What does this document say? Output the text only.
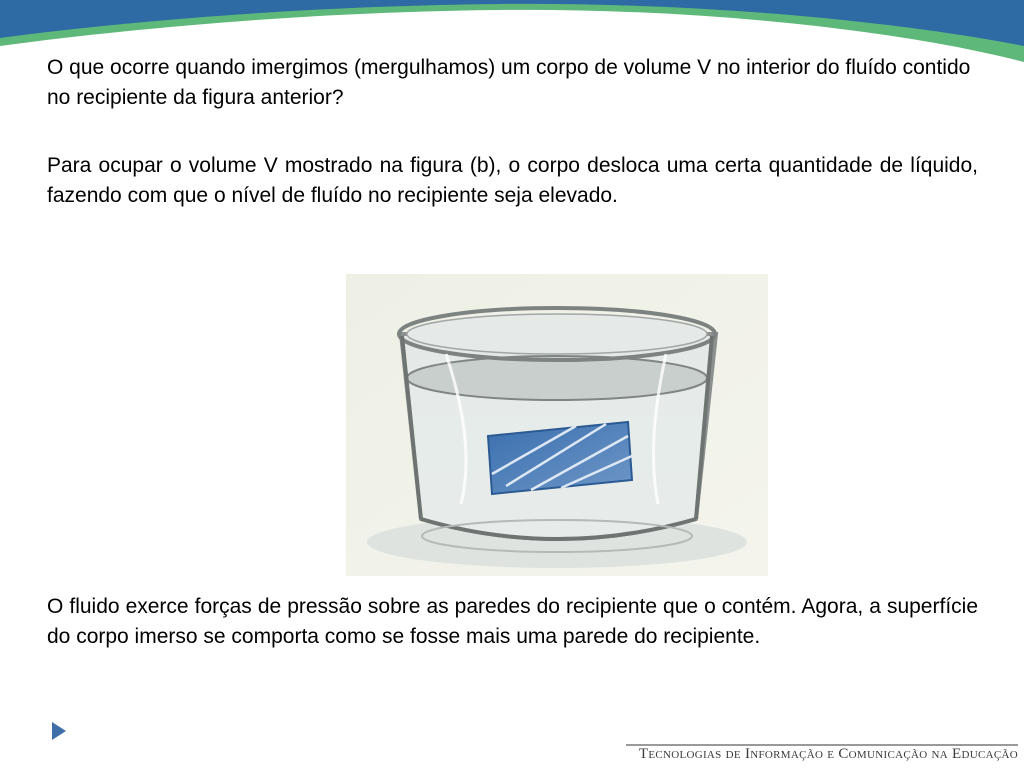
O que ocorre quando imergimos (mergulhamos) um corpo de volume V no interior do fluído contido no recipiente da figura anterior?

Para ocupar o volume V mostrado na figura (b), o corpo desloca uma certa quantidade de líquido, fazendo com que o nível de fluído no recipiente seja elevado.

O fluido exerce forças de pressão sobre as paredes do recipiente que o contém. Agora, a superfície do corpo imerso se comporta como se fosse mais uma parede do recipiente.

Tecnologias de Informação e Comunicação na Educação
